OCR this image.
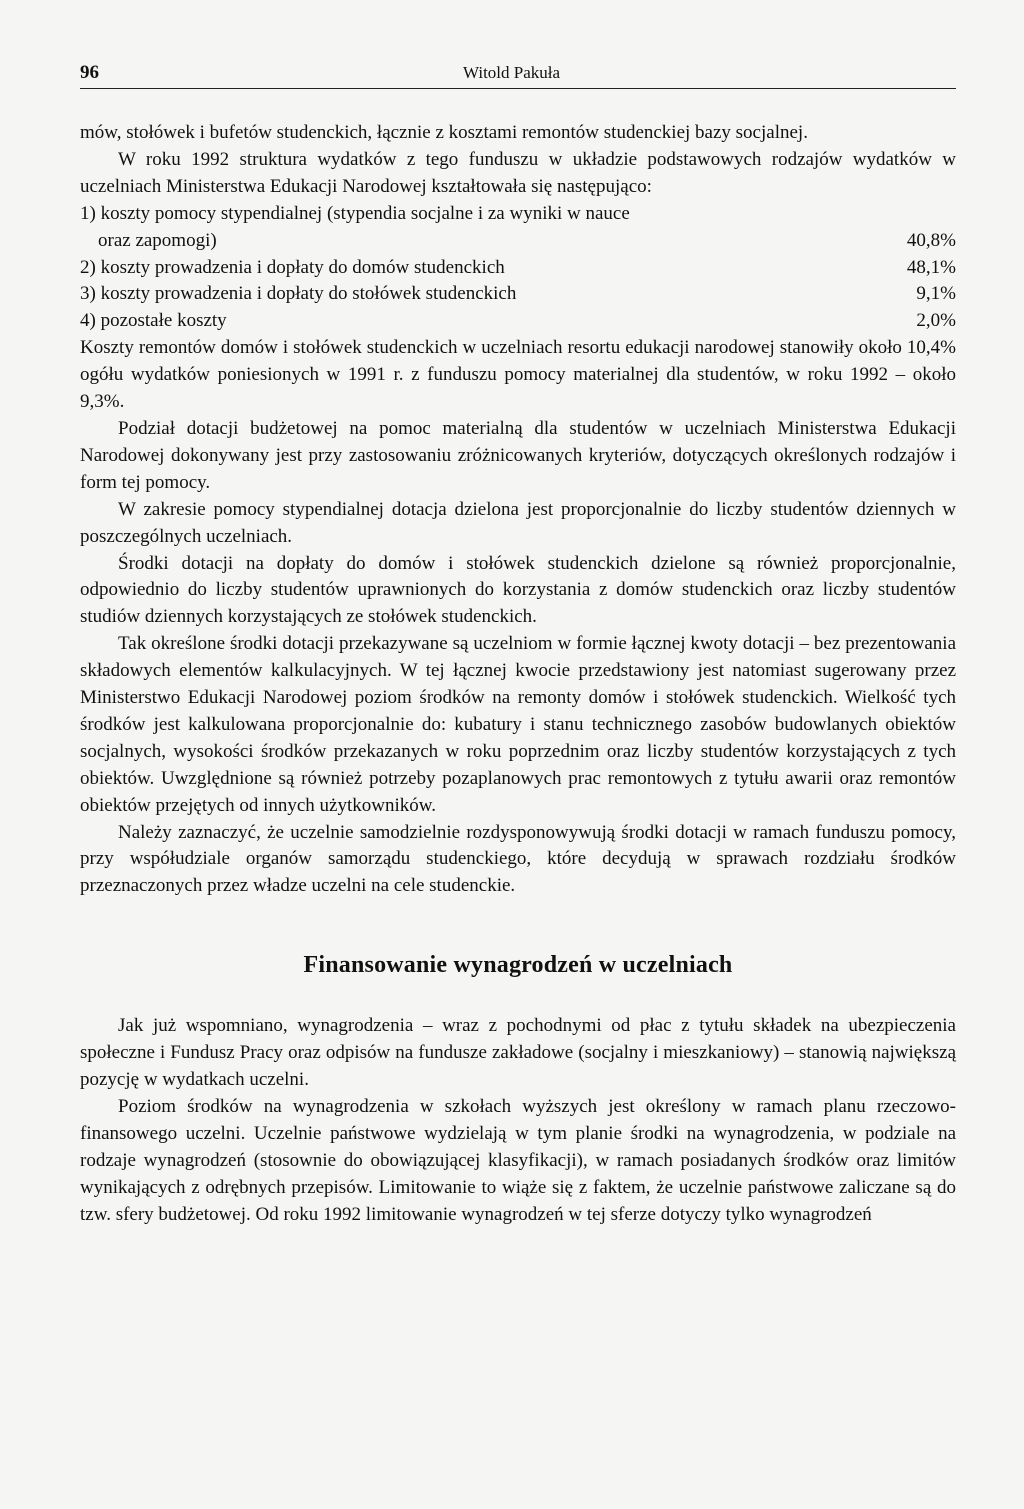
96	Witold Pakuła

mów, stołówek i bufetów studenckich, łącznie z kosztami remontów studenckiej bazy socjalnej.

W roku 1992 struktura wydatków z tego funduszu w układzie podstawowych rodzajów wydatków w uczelniach Ministerstwa Edukacji Narodowej kształtowała się następująco:

1) koszty pomocy stypendialnej (stypendia socjalne i za wyniki w nauce
oraz zapomogi)	40,8%
2) koszty prowadzenia i dopłaty do domów studenckich	48,1%
3) koszty prowadzenia i dopłaty do stołówek studenckich	9,1%
4) pozostałe koszty	2,0%

Koszty remontów domów i stołówek studenckich w uczelniach resortu edukacji narodowej stanowiły około 10,4% ogółu wydatków poniesionych w 1991 r. z funduszu pomocy materialnej dla studentów, w roku 1992 – około 9,3%.

Podział dotacji budżetowej na pomoc materialną dla studentów w uczelniach Ministerstwa Edukacji Narodowej dokonywany jest przy zastosowaniu zróżnicowanych kryteriów, dotyczących określonych rodzajów i form tej pomocy.

W zakresie pomocy stypendialnej dotacja dzielona jest proporcjonalnie do liczby studentów dziennych w poszczególnych uczelniach.

Środki dotacji na dopłaty do domów i stołówek studenckich dzielone są również proporcjonalnie, odpowiednio do liczby studentów uprawnionych do korzystania z domów studenckich oraz liczby studentów studiów dziennych korzystających ze stołówek studenckich.

Tak określone środki dotacji przekazywane są uczelniom w formie łącznej kwoty dotacji – bez prezentowania składowych elementów kalkulacyjnych. W tej łącznej kwocie przedstawiony jest natomiast sugerowany przez Ministerstwo Edukacji Narodowej poziom środków na remonty domów i stołówek studenckich. Wielkość tych środków jest kalkulowana proporcjonalnie do: kubatury i stanu technicznego zasobów budowlanych obiektów socjalnych, wysokości środków przekazanych w roku poprzednim oraz liczby studentów korzystających z tych obiektów. Uwzględnione są również potrzeby pozaplanowych prac remontowych z tytułu awarii oraz remontów obiektów przejętych od innych użytkowników.

Należy zaznaczyć, że uczelnie samodzielnie rozdysponowywują środki dotacji w ramach funduszu pomocy, przy współudziale organów samorządu studenckiego, które decydują w sprawach rozdziału środków przeznaczonych przez władze uczelni na cele studenckie.

Finansowanie wynagrodzeń w uczelniach

Jak już wspomniano, wynagrodzenia – wraz z pochodnymi od płac z tytułu składek na ubezpieczenia społeczne i Fundusz Pracy oraz odpisów na fundusze zakładowe (socjalny i mieszkaniowy) – stanowią największą pozycję w wydatkach uczelni.

Poziom środków na wynagrodzenia w szkołach wyższych jest określony w ramach planu rzeczowo-finansowego uczelni. Uczelnie państwowe wydzielają w tym planie środki na wynagrodzenia, w podziale na rodzaje wynagrodzeń (stosownie do obowiązującej klasyfikacji), w ramach posiadanych środków oraz limitów wynikających z odrębnych przepisów. Limitowanie to wiąże się z faktem, że uczelnie państwowe zaliczane są do tzw. sfery budżetowej. Od roku 1992 limitowanie wynagrodzeń w tej sferze dotyczy tylko wynagrodzeń
